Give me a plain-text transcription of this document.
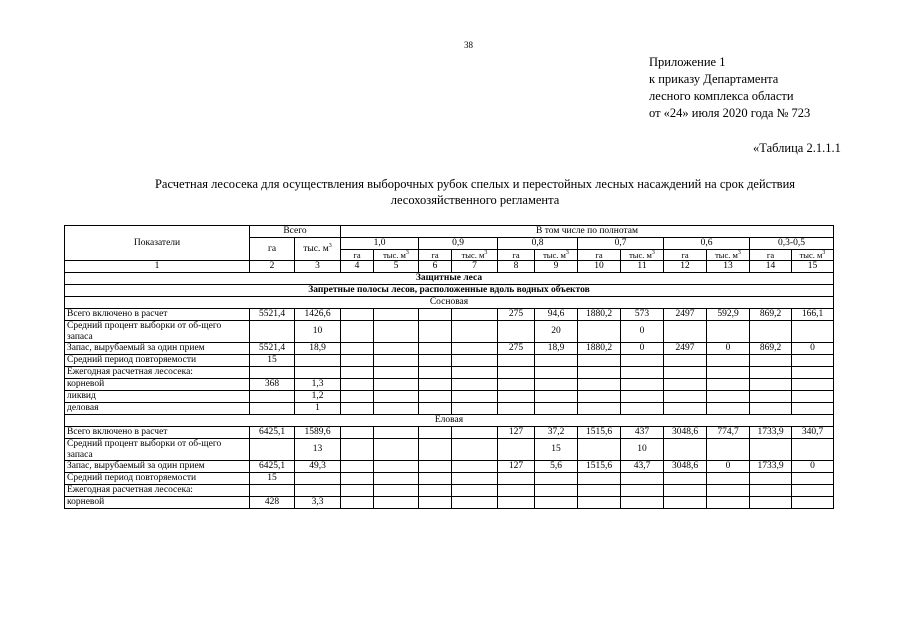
38
Приложение 1
к приказу Департамента
лесного комплекса области
от «24» июля 2020 года № 723
«Таблица 2.1.1.1
Расчетная лесосека для осуществления выборочных рубок спелых и перестойных лесных насаждений на срок действия
лесохозяйственного регламента
Показатели	Всего		В том числе по полнотам											
	га	тыс. $м^3$	1,0		0,9		0,8		0,7		0,6		0,3-0,5	
			га	тыс. $м^3$	га	тыс. $м^3$	га	тыс. $м^3$	га	тыс. $м^3$	га	тыс. $м^3$	га	тыс. $м^3$
1	2	3	4	5	6	7	8	9	10	11	12	13	14	15
Защитные леса														
Запретные полосы лесов, расположенные вдоль водных объектов														
Сосновая														
Всего включено в расчет	5521,4	1426,6					275	94,6	1880,2	573	2497	592,9	869,2	166,1
Средний процент выборки от об-щего запаса		10						20		0				
Запас, вырубаемый за один прием	5521,4	18,9					275	18,9	1880,2	0	2497	0	869,2	0
Средний период повторяемости	15													
Ежегодная расчетная лесосека:														
корневой	368	1,3												
ликвид		1,2												
деловая		1												
Еловая														
Всего включено в расчет	6425,1	1589,6					127	37,2	1515,6	437	3048,6	774,7	1733,9	340,7
Средний процент выборки от об-щего запаса		13						15		10				
Запас, вырубаемый за один прием	6425,1	49,3					127	5,6	1515,6	43,7	3048,6	0	1733,9	0
Средний период повторяемости	15													
Ежегодная расчетная лесосека:														
корневой	428	3,3												
